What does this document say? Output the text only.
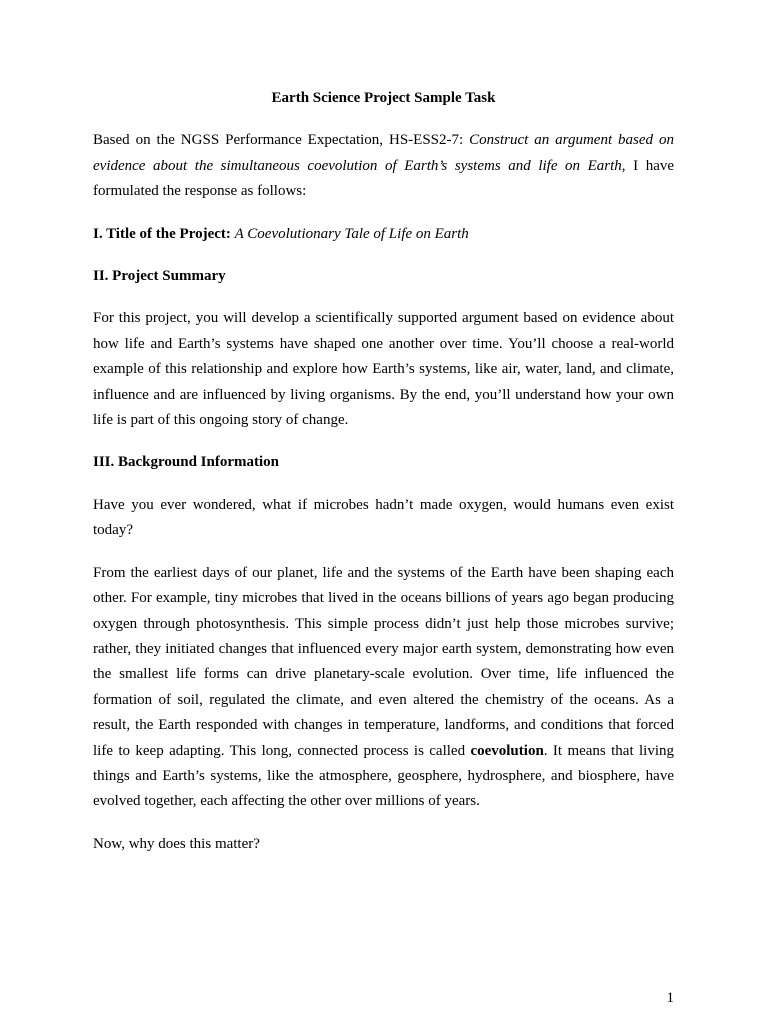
Earth Science Project Sample Task

Based on the NGSS Performance Expectation, HS-ESS2-7: Construct an argument based on evidence about the simultaneous coevolution of Earth’s systems and life on Earth, I have formulated the response as follows:

I. Title of the Project: A Coevolutionary Tale of Life on Earth

II. Project Summary

For this project, you will develop a scientifically supported argument based on evidence about how life and Earth’s systems have shaped one another over time. You’ll choose a real-world example of this relationship and explore how Earth’s systems, like air, water, land, and climate, influence and are influenced by living organisms. By the end, you’ll understand how your own life is part of this ongoing story of change.

III. Background Information

Have you ever wondered, what if microbes hadn’t made oxygen, would humans even exist today?

From the earliest days of our planet, life and the systems of the Earth have been shaping each other. For example, tiny microbes that lived in the oceans billions of years ago began producing oxygen through photosynthesis. This simple process didn’t just help those microbes survive; rather, they initiated changes that influenced every major earth system, demonstrating how even the smallest life forms can drive planetary-scale evolution. Over time, life influenced the formation of soil, regulated the climate, and even altered the chemistry of the oceans. As a result, the Earth responded with changes in temperature, landforms, and conditions that forced life to keep adapting. This long, connected process is called coevolution. It means that living things and Earth’s systems, like the atmosphere, geosphere, hydrosphere, and biosphere, have evolved together, each affecting the other over millions of years.

Now, why does this matter?

1
